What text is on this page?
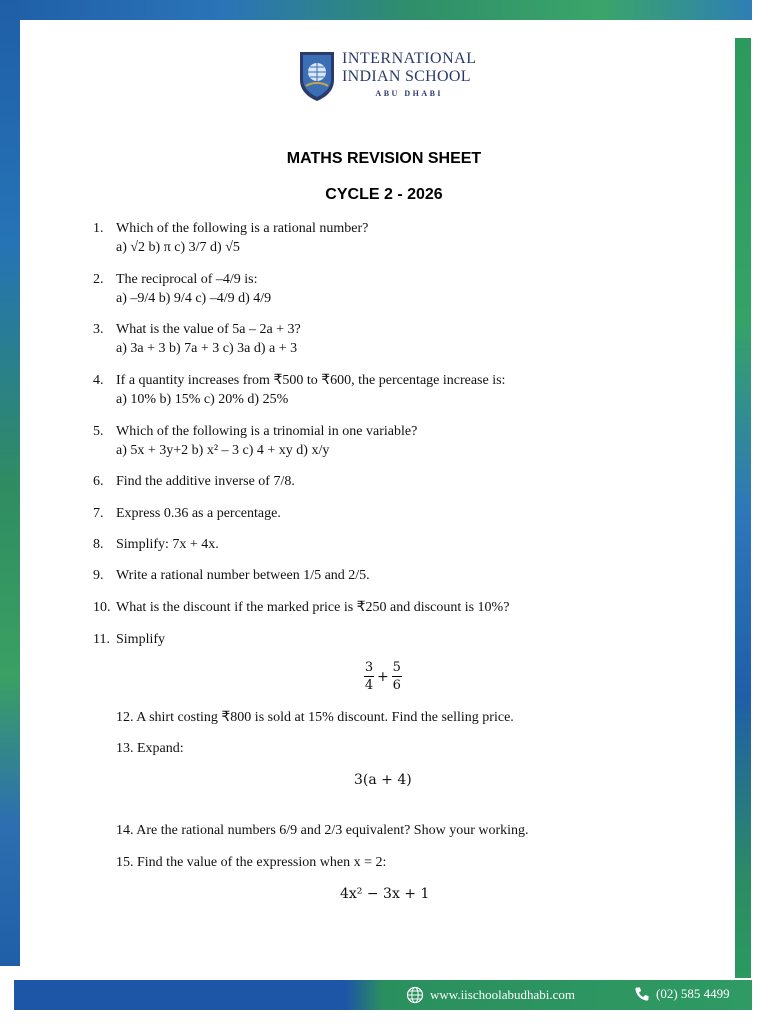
INTERNATIONAL
INDIAN SCHOOL
ABU DHABI
MATHS REVISION SHEET
CYCLE 2 - 2026
1. Which of the following is a rational number?
a) √2 b) π c) 3/7 d) √5
2. The reciprocal of –4/9 is:
a) –9/4 b) 9/4 c) –4/9 d) 4/9
3. What is the value of 5a – 2a + 3?
a) 3a + 3 b) 7a + 3 c) 3a d) a + 3
4. If a quantity increases from ₹500 to ₹600, the percentage increase is:
a) 10% b) 15% c) 20% d) 25%
5. Which of the following is a trinomial in one variable?
a) 5x + 3y+2 b) x² – 3 c) 4 + xy d) x/y
6. Find the additive inverse of 7/8.
7. Express 0.36 as a percentage.
8. Simplify: 7x + 4x.
9. Write a rational number between 1/5 and 2/5.
10. What is the discount if the marked price is ₹250 and discount is 10%?
11. Simplify
$\frac{3}{4} + \frac{5}{6}$
12. A shirt costing ₹800 is sold at 15% discount. Find the selling price.
13. Expand:
3(a + 4)
14. Are the rational numbers 6/9 and 2/3 equivalent? Show your working.
15. Find the value of the expression when x = 2:
4x² − 3x + 1
www.iischoolabudhabi.com	(02) 585 4499
